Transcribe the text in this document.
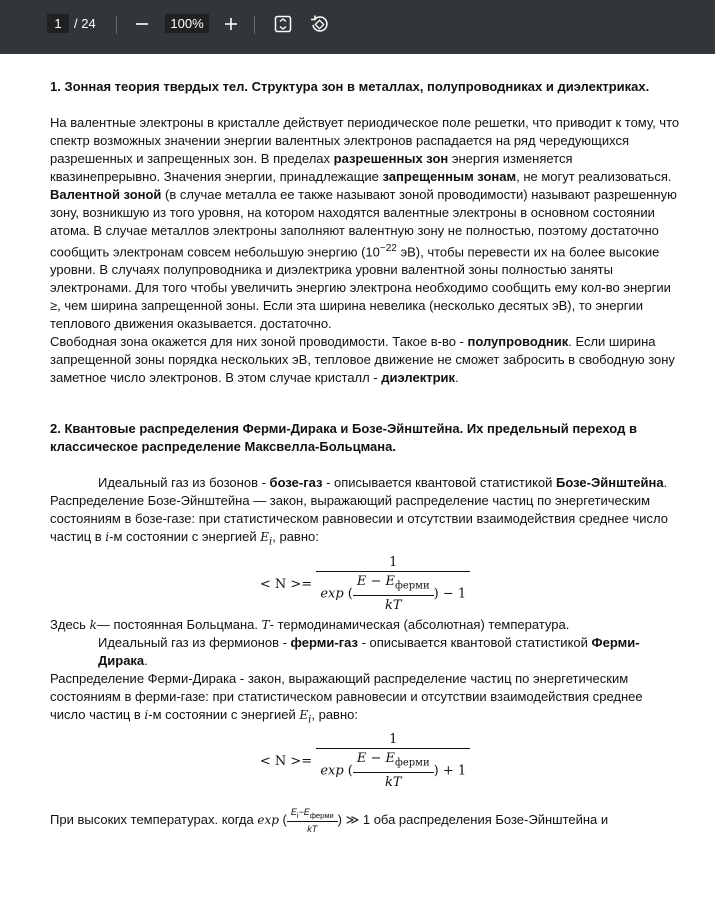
1 / 24	100%

1. Зонная теория твердых тел. Структура зон в металлах, полупроводниках и диэлектриках.

На валентные электроны в кристалле действует периодическое поле решетки, что приводит к тому, что спектр возможных значении энергии валентных электронов распадается на ряд чередующихся разрешенных и запрещенных зон. В пределах разрешенных зон энергия изменяется квазинепрерывно. Значения энергии, принадлежащие запрещенным зонам, не могут реализоваться.

Валентной зоной (в случае металла ее также называют зоной проводимости) называют разрешенную зону, возникшую из того уровня, на котором находятся валентные электроны в основном состоянии атома. В случае металлов электроны заполняют валентную зону не полностью, поэтому достаточно сообщить электронам совсем небольшую энергию ($10^{-22}$ эВ), чтобы перевести их на более высокие уровни. В случаях полупроводника и диэлектрика уровни валентной зоны полностью заняты электронами. Для того чтобы увеличить энергию электрона необходимо сообщить ему кол-во энергии ≥, чем ширина запрещенной зоны. Если эта ширина невелика (несколько десятых эВ), то энергии теплового движения оказывается. достаточно.

Свободная зона окажется для них зоной проводимости. Такое в-во - полупроводник. Если ширина запрещенной зоны порядка нескольких эВ, тепловое движение не сможет забросить в свободную зону заметное число электронов. В этом случае кристалл - диэлектрик.

2. Квантовые распределения Ферми-Дирака и Бозе-Эйнштейна. Их предельный переход в классическое распределение Максвелла-Больцмана.

Идеальный газ из бозонов - бозе-газ - описывается квантовой статистикой Бозе-Эйнштейна.

Распределение Бозе-Эйнштейна — закон, выражающий распределение частиц по энергетическим состояниям в бозе-газе: при статистическом равновесии и отсутствии взаимодействия среднее число частиц в i-м состоянии с энергией $E_i$, равно:

< $N >= \frac{1}{\exp ( \frac{E - E_{ферми}}{kT} ) - 1}$

Здесь k— постоянная Больцмана. T- термодинамическая (абсолютная) температура.

Идеальный газ из фермионов - ферми-газ - описывается квантовой статистикой Ферми-Дирака.

Распределение Ферми-Дирака - закон, выражающий распределение частиц по энергетическим состояниям в ферми-газе: при статистическом равновесии и отсутствии взаимодействия среднее число частиц в i-м состоянии с энергией $E_i$, равно:

< $N >= \frac{1}{\exp ( \frac{E - E_{ферми}}{kT} ) + 1}$

При высоких температурах. когда exp ( $\frac{E_i-E_{ферми}}{kT}$ ) ≫ 1 оба распределения Бозе-Эйнштейна и
